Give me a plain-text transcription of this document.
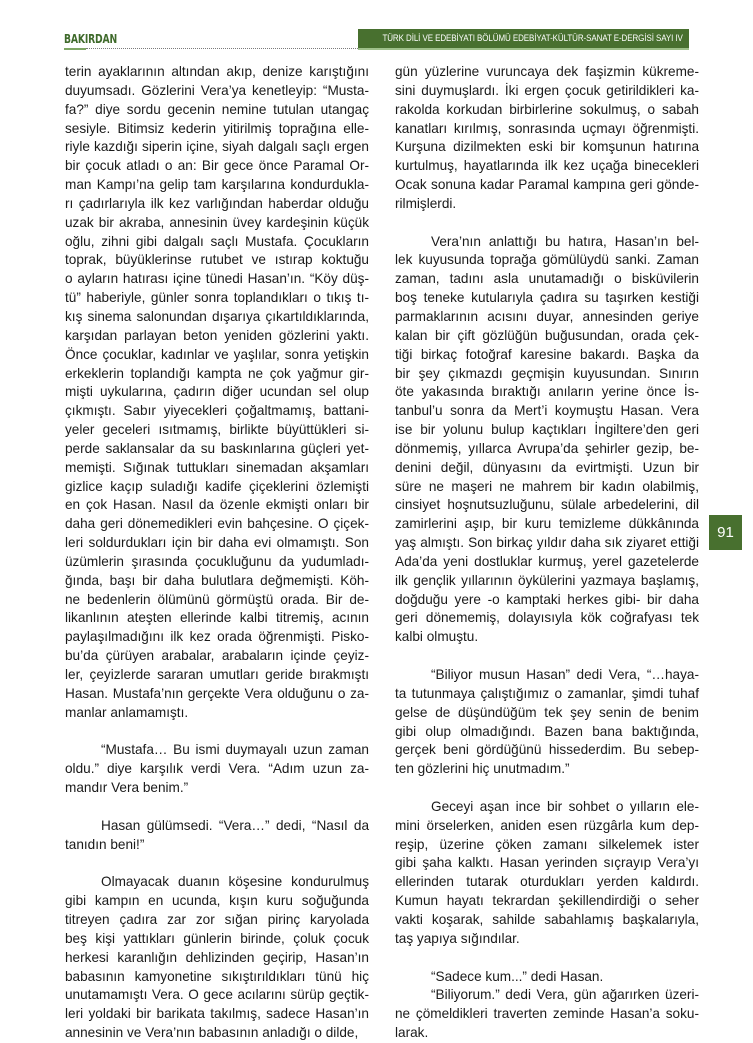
BAKIRDAN	TÜRK DİLİ VE EDEBİYATI BÖLÜMÜ EDEBİYAT-KÜLTÜR-SANAT E-DERGİSİ SAYI IV

terin ayaklarının altından akıp, denize karıştığını
duyumsadı. Gözlerini Vera’ya kenetleyip: “Musta-
fa?” diye sordu gecenin nemine tutulan utangaç
sesiyle. Bitimsiz kederin yitirilmiş toprağına elle-
riyle kazdığı siperin içine, siyah dalgalı saçlı ergen
bir çocuk atladı o an: Bir gece önce Paramal Or-
man Kampı’na gelip tam karşılarına kondurdukla-
rı çadırlarıyla ilk kez varlığından haberdar olduğu
uzak bir akraba, annesinin üvey kardeşinin küçük
oğlu, zihni gibi dalgalı saçlı Mustafa. Çocukların
toprak, büyüklerinse rutubet ve ıstırap koktuğu
o ayların hatırası içine tünedi Hasan’ın. “Köy düş-
tü” haberiyle, günler sonra toplandıkları o tıkış tı-
kış sinema salonundan dışarıya çıkartıldıklarında,
karşıdan parlayan beton yeniden gözlerini yaktı.
Önce çocuklar, kadınlar ve yaşlılar, sonra yetişkin
erkeklerin toplandığı kampta ne çok yağmur gir-
mişti uykularına, çadırın diğer ucundan sel olup
çıkmıştı. Sabır yiyecekleri çoğaltmamış, battani-
yeler geceleri ısıtmamış, birlikte büyüttükleri si-
perde saklansalar da su baskınlarına güçleri yet-
memişti. Sığınak tuttukları sinemadan akşamları
gizlice kaçıp suladığı kadife çiçeklerini özlemişti
en çok Hasan. Nasıl da özenle ekmişti onları bir
daha geri dönemedikleri evin bahçesine. O çiçek-
leri soldurdukları için bir daha evi olmamıştı. Son
üzümlerin şırasında çocukluğunu da yudumladı-
ğında, başı bir daha bulutlara değmemişti. Köh-
ne bedenlerin ölümünü görmüştü orada. Bir de-
likanlının ateşten ellerinde kalbi titremiş, acının
paylaşılmadığını ilk kez orada öğrenmişti. Pisko-
bu’da çürüyen arabalar, arabaların içinde çeyiz-
ler, çeyizlerde sararan umutları geride bırakmıştı
Hasan. Mustafa’nın gerçekte Vera olduğunu o za-
manlar anlamamıştı.

“Mustafa… Bu ismi duymayalı uzun zaman
oldu.” diye karşılık verdi Vera. “Adım uzun za-
mandır Vera benim.”

Hasan gülümsedi. “Vera…” dedi, “Nasıl da
tanıdın beni!”

Olmayacak duanın köşesine kondurulmuş
gibi kampın en ucunda, kışın kuru soğuğunda
titreyen çadıra zar zor sığan pirinç karyolada
beş kişi yattıkları günlerin birinde, çoluk çocuk
herkesi karanlığın dehlizinden geçirip, Hasan’ın
babasının kamyonetine sıkıştırıldıkları tünü hiç
unutamamıştı Vera. O gece acılarını sürüp geçtik-
leri yoldaki bir barikata takılmış, sadece Hasan’ın
annesinin ve Vera’nın babasının anladığı o dilde,

gün yüzlerine vuruncaya dek faşizmin kükreme-
sini duymuşlardı. İki ergen çocuk getirildikleri ka-
rakolda korkudan birbirlerine sokulmuş, o sabah
kanatları kırılmış, sonrasında uçmayı öğrenmişti.
Kurşuna dizilmekten eski bir komşunun hatırına
kurtulmuş, hayatlarında ilk kez uçağa binecekleri
Ocak sonuna kadar Paramal kampına geri gönde-
rilmişlerdi.

Vera’nın anlattığı bu hatıra, Hasan’ın bel-
lek kuyusunda toprağa gömülüydü sanki. Zaman
zaman, tadını asla unutamadığı o bisküvilerin
boş teneke kutularıyla çadıra su taşırken kestiği
parmaklarının acısını duyar, annesinden geriye
kalan bir çift gözlüğün buğusundan, orada çek-
tiği birkaç fotoğraf karesine bakardı. Başka da
bir şey çıkmazdı geçmişin kuyusundan. Sınırın
öte yakasında bıraktığı anıların yerine önce İs-
tanbul’u sonra da Mert’i koymuştu Hasan. Vera
ise bir yolunu bulup kaçtıkları İngiltere’den geri
dönmemiş, yıllarca Avrupa’da şehirler gezip, be-
denini değil, dünyasını da evirtmişti. Uzun bir
süre ne maşeri ne mahrem bir kadın olabilmiş,
cinsiyet hoşnutsuzluğunu, sülale arbedelerini, dil
zamirlerini aşıp, bir kuru temizleme dükkânında
yaş almıştı. Son birkaç yıldır daha sık ziyaret ettiği
Ada’da yeni dostluklar kurmuş, yerel gazetelerde
ilk gençlik yıllarının öykülerini yazmaya başlamış,
doğduğu yere -o kamptaki herkes gibi- bir daha
geri dönememiş, dolayısıyla kök coğrafyası tek
kalbi olmuştu.

“Biliyor musun Hasan” dedi Vera, “…haya-
ta tutunmaya çalıştığımız o zamanlar, şimdi tuhaf
gelse de düşündüğüm tek şey senin de benim
gibi olup olmadığındı. Bazen bana baktığında,
gerçek beni gördüğünü hissederdim. Bu sebep-
ten gözlerini hiç unutmadım.”

Geceyi aşan ince bir sohbet o yılların ele-
mini örselerken, aniden esen rüzgârla kum dep-
reşip, üzerine çöken zamanı silkelemek ister
gibi şaha kalktı. Hasan yerinden sıçrayıp Vera’yı
ellerinden tutarak oturdukları yerden kaldırdı.
Kumun hayatı tekrardan şekillendirdiği o seher
vakti koşarak, sahilde sabahlamış başkalarıyla,
taş yapıya sığındılar.

“Sadece kum...” dedi Hasan.

“Biliyorum.” dedi Vera, gün ağarırken üzeri-
ne çömeldikleri traverten zeminde Hasan’a soku-
larak.

91
